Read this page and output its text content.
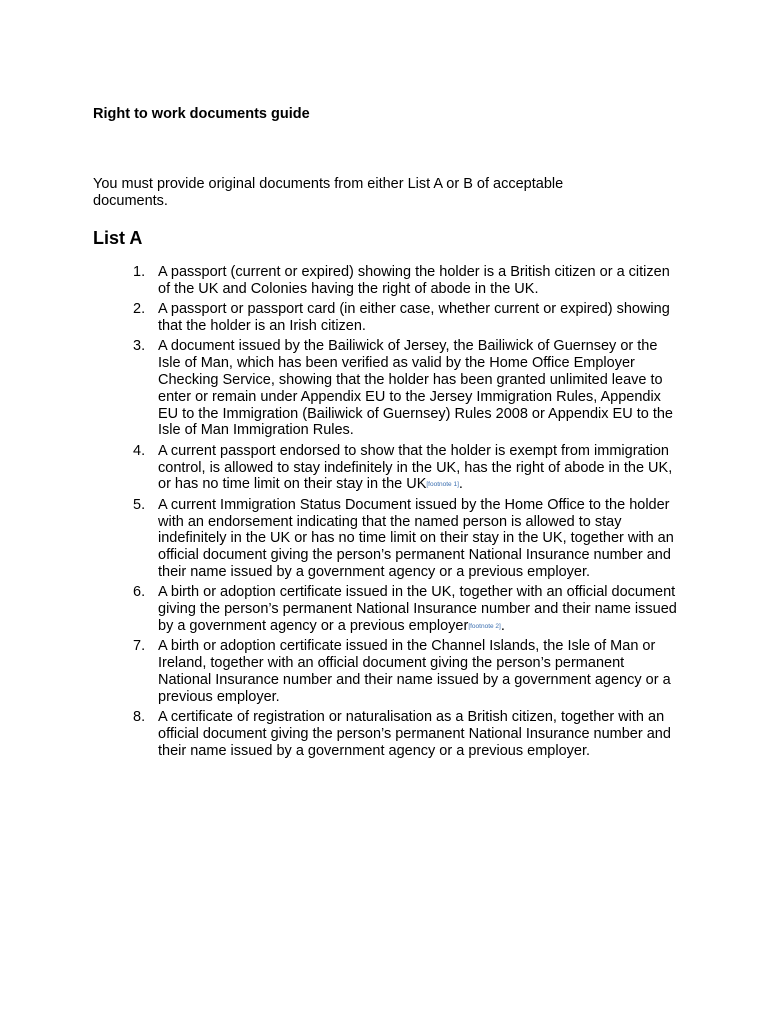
Right to work documents guide

You must provide original documents from either List A or B of acceptable documents.

List A
1. A passport (current or expired) showing the holder is a British citizen or a citizen of the UK and Colonies having the right of abode in the UK.
2. A passport or passport card (in either case, whether current or expired) showing that the holder is an Irish citizen.
3. A document issued by the Bailiwick of Jersey, the Bailiwick of Guernsey or the Isle of Man, which has been verified as valid by the Home Office Employer Checking Service, showing that the holder has been granted unlimited leave to enter or remain under Appendix EU to the Jersey Immigration Rules, Appendix EU to the Immigration (Bailiwick of Guernsey) Rules 2008 or Appendix EU to the Isle of Man Immigration Rules.
4. A current passport endorsed to show that the holder is exempt from immigration control, is allowed to stay indefinitely in the UK, has the right of abode in the UK, or has no time limit on their stay in the UK[footnote 1].
5. A current Immigration Status Document issued by the Home Office to the holder with an endorsement indicating that the named person is allowed to stay indefinitely in the UK or has no time limit on their stay in the UK, together with an official document giving the person’s permanent National Insurance number and their name issued by a government agency or a previous employer.
6. A birth or adoption certificate issued in the UK, together with an official document giving the person’s permanent National Insurance number and their name issued by a government agency or a previous employer[footnote 2].
7. A birth or adoption certificate issued in the Channel Islands, the Isle of Man or Ireland, together with an official document giving the person’s permanent National Insurance number and their name issued by a government agency or a previous employer.
8. A certificate of registration or naturalisation as a British citizen, together with an official document giving the person’s permanent National Insurance number and their name issued by a government agency or a previous employer.
